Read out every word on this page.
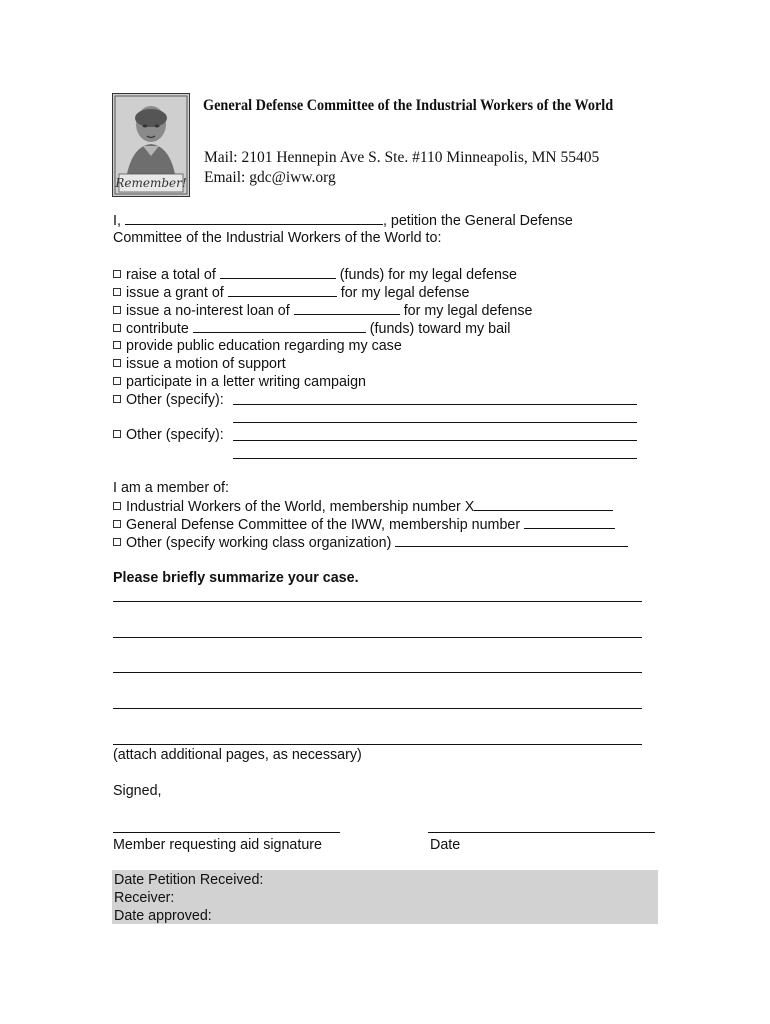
Remember!
General Defense Committee of the Industrial Workers of the World
Mail: 2101 Hennepin Ave S. Ste. #110 Minneapolis, MN 55405
Email: gdc@iww.org
I,	, petition the General Defense
Committee of the Industrial Workers of the World to:
raise a total of	(funds) for my legal defense
issue a grant of	for my legal defense
issue a no-interest loan of	for my legal defense
contribute	(funds) toward my bail
provide public education regarding my case
issue a motion of support
participate in a letter writing campaign
Other (specify):
Other (specify):
I am a member of:
Industrial Workers of the World, membership number X
General Defense Committee of the IWW, membership number
Other (specify working class organization)
Please briefly summarize your case.
(attach additional pages, as necessary)
Signed,
Member requesting aid signature	Date
Date Petition Received:
Receiver:
Date approved:
